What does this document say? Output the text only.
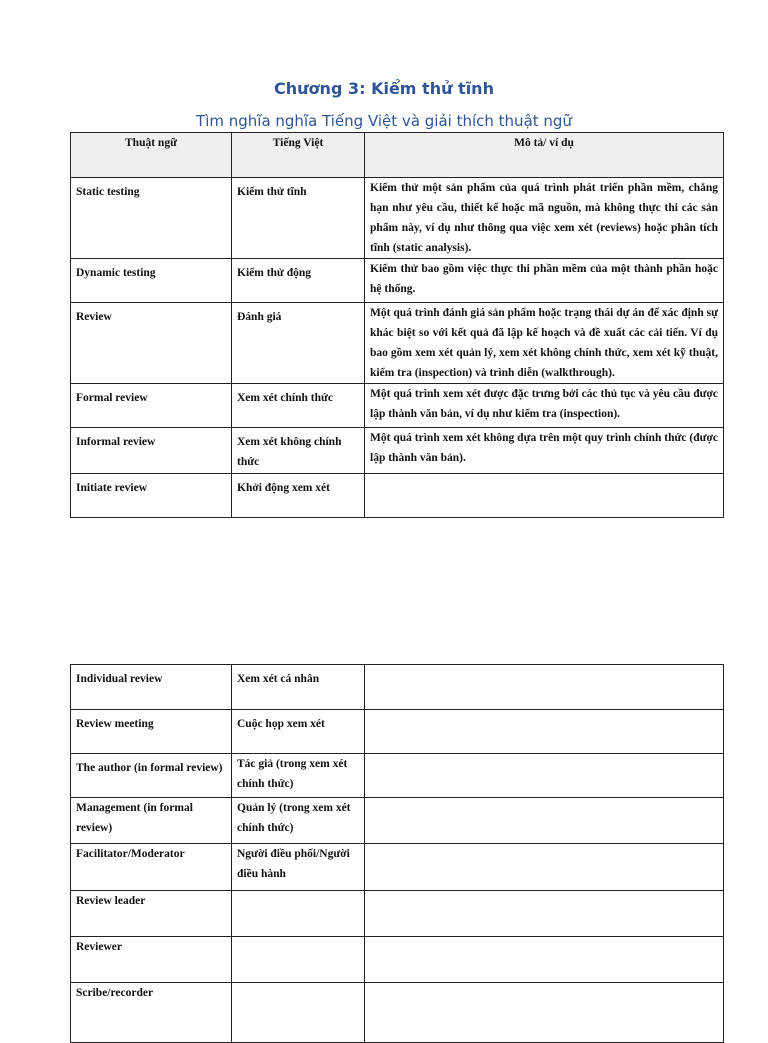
Chương 3: Kiểm thử tĩnh
Tìm nghĩa nghĩa Tiếng Việt và giải thích thuật ngữ
Thuật ngữ	Tiếng Việt	Mô tả/ ví dụ
Static testing	Kiểm thử tĩnh	Kiểm thử một sản phẩm của quá trình phát triển phần mềm, chẳng hạn như yêu cầu, thiết kế hoặc mã nguồn, mà không thực thi các sản phẩm này, ví dụ như thông qua việc xem xét (reviews) hoặc phân tích tĩnh (static analysis).
Dynamic testing	Kiểm thử động	Kiểm thử bao gồm việc thực thi phần mềm của một thành phần hoặc hệ thống.
Review	Đánh giá	Một quá trình đánh giá sản phẩm hoặc trạng thái dự án để xác định sự khác biệt so với kết quả đã lập kế hoạch và đề xuất các cải tiến. Ví dụ bao gồm xem xét quản lý, xem xét không chính thức, xem xét kỹ thuật, kiểm tra (inspection) và trình diễn (walkthrough).
Formal review	Xem xét chính thức	Một quá trình xem xét được đặc trưng bởi các thủ tục và yêu cầu được lập thành văn bản, ví dụ như kiểm tra (inspection).
Informal review	Xem xét không chính thức	Một quá trình xem xét không dựa trên một quy trình chính thức (được lập thành văn bản).
Initiate review	Khởi động xem xét	
Individual review	Xem xét cá nhân	
Review meeting	Cuộc họp xem xét	
The author (in formal review)	Tác giả (trong xem xét chính thức)	
Management (in formal review)	Quản lý (trong xem xét chính thức)	
Facilitator/Moderator	Người điều phối/Người điều hành	
Review leader		
Reviewer		
Scribe/recorder		
